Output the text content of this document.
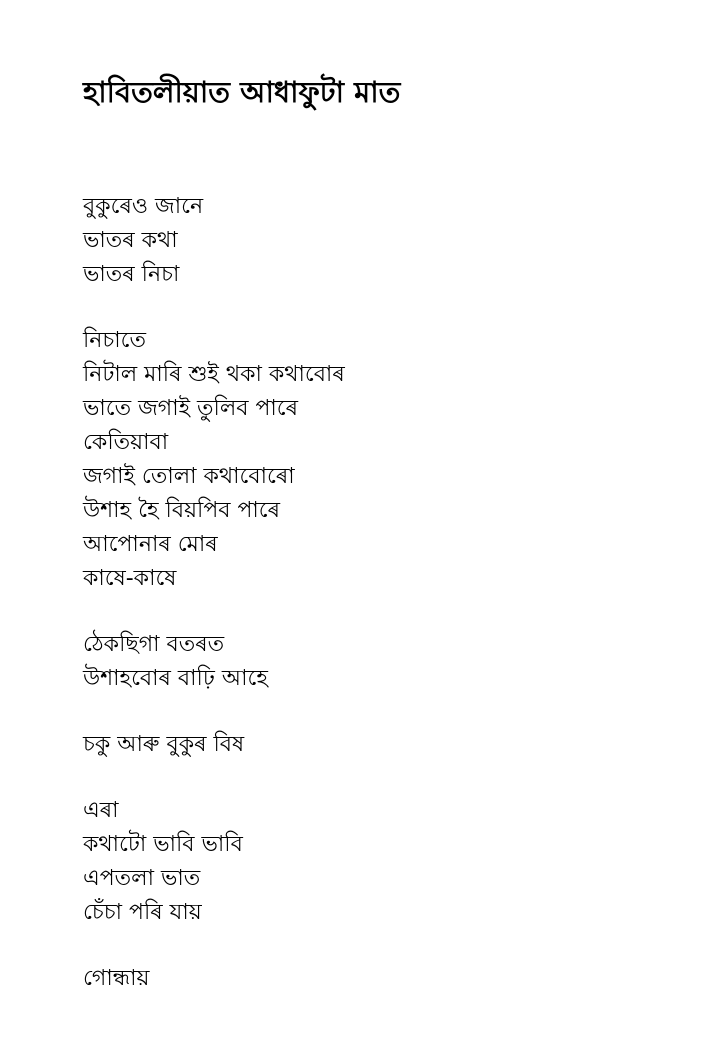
হাবিতলীয়াত আধাফুটা মাত
বুকুৰেও জানে
ভাতৰ কথা
ভাতৰ নিচা
নিচাতে
নিটাল মাৰি শুই থকা কথাবোৰ
ভাতে জগাই তুলিব পাৰে
কেতিয়াবা
জগাই তোলা কথাবোৰো
উশাহ হৈ বিয়পিব পাৰে
আপোনাৰ মোৰ
কাষে-কাষে
ঠেকছিগা বতৰত
উশাহবোৰ বাঢ়ি আহে
চকু আৰু বুকুৰ বিষ
এৰা
কথাটো ভাবি ভাবি
এপতলা ভাত
চেঁচা পৰি যায়
গোন্ধায়
